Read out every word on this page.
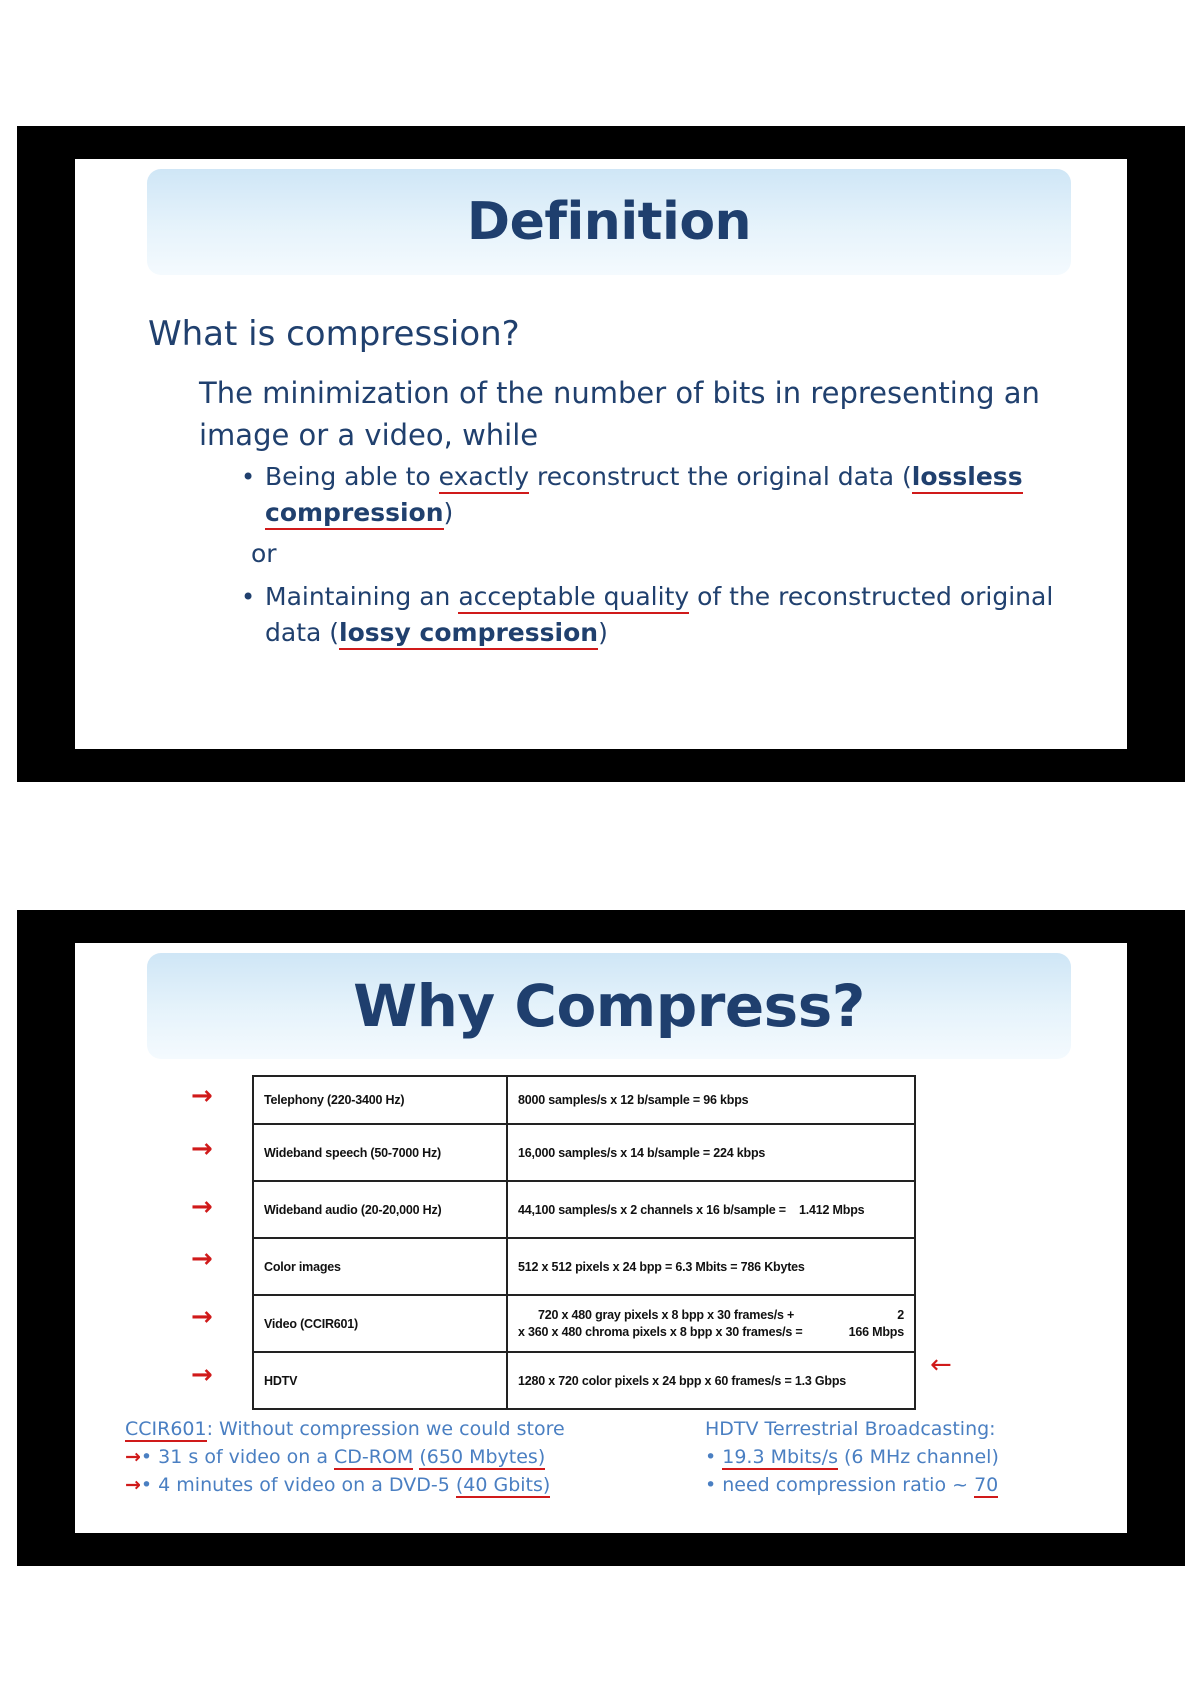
Definition
What is compression?
The minimization of the number of bits in representing an
image or a video, while
• Being able to exactly reconstruct the original data (lossless
compression)
or
• Maintaining an acceptable quality of the reconstructed original
data (lossy compression)
Why Compress?
→
→
→
→
→
→	←
Telephony (220-3400 Hz)	8000 samples/s x 12 b/sample = 96 kbps
Wideband speech (50-7000 Hz)	16,000 samples/s x 14 b/sample = 224 kbps
Wideband audio (20-20,000 Hz)	44,100 samples/s x 2 channels x 16 b/sample =    1.412 Mbps
Color images	512 x 512 pixels x 24 bpp = 6.3 Mbits = 786 Kbytes
Video (CCIR601)	720 x 480 gray pixels x 8 bpp x 30 frames/s + 2
x 360 x 480 chroma pixels x 8 bpp x 30 frames/s = 166 Mbps

HDTV	1280 x 720 color pixels x 24 bpp x 60 frames/s = 1.3 Gbps
CCIR601: Without compression we could store
→• 31 s of video on a CD-ROM (650 Mbytes)
→• 4 minutes of video on a DVD-5 (40 Gbits)
HDTV Terrestrial Broadcasting:
• 19.3 Mbits/s (6 MHz channel)
• need compression ratio ~ 70
